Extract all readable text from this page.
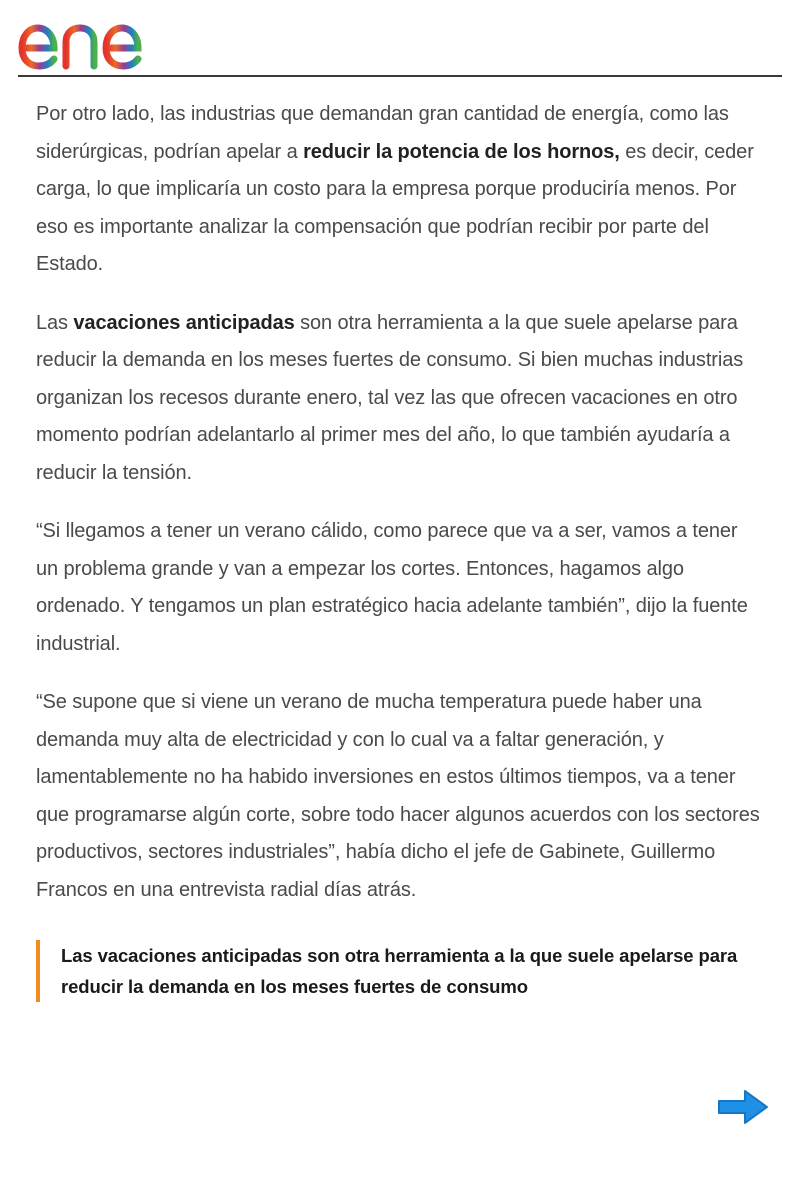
Por otro lado, las industrias que demandan gran cantidad de energía, como las siderúrgicas, podrían apelar a reducir la potencia de los hornos, es decir, ceder carga, lo que implicaría un costo para la empresa porque produciría menos. Por eso es importante analizar la compensación que podrían recibir por parte del Estado.

Las vacaciones anticipadas son otra herramienta a la que suele apelarse para reducir la demanda en los meses fuertes de consumo. Si bien muchas industrias organizan los recesos durante enero, tal vez las que ofrecen vacaciones en otro momento podrían adelantarlo al primer mes del año, lo que también ayudaría a reducir la tensión.

“Si llegamos a tener un verano cálido, como parece que va a ser, vamos a tener un problema grande y van a empezar los cortes. Entonces, hagamos algo ordenado. Y tengamos un plan estratégico hacia adelante también”, dijo la fuente industrial.

“Se supone que si viene un verano de mucha temperatura puede haber una demanda muy alta de electricidad y con lo cual va a faltar generación, y lamentablemente no ha habido inversiones en estos últimos tiempos, va a tener que programarse algún corte, sobre todo hacer algunos acuerdos con los sectores productivos, sectores industriales”, había dicho el jefe de Gabinete, Guillermo Francos en una entrevista radial días atrás.

Las vacaciones anticipadas son otra herramienta a la que suele apelarse para reducir la demanda en los meses fuertes de consumo
